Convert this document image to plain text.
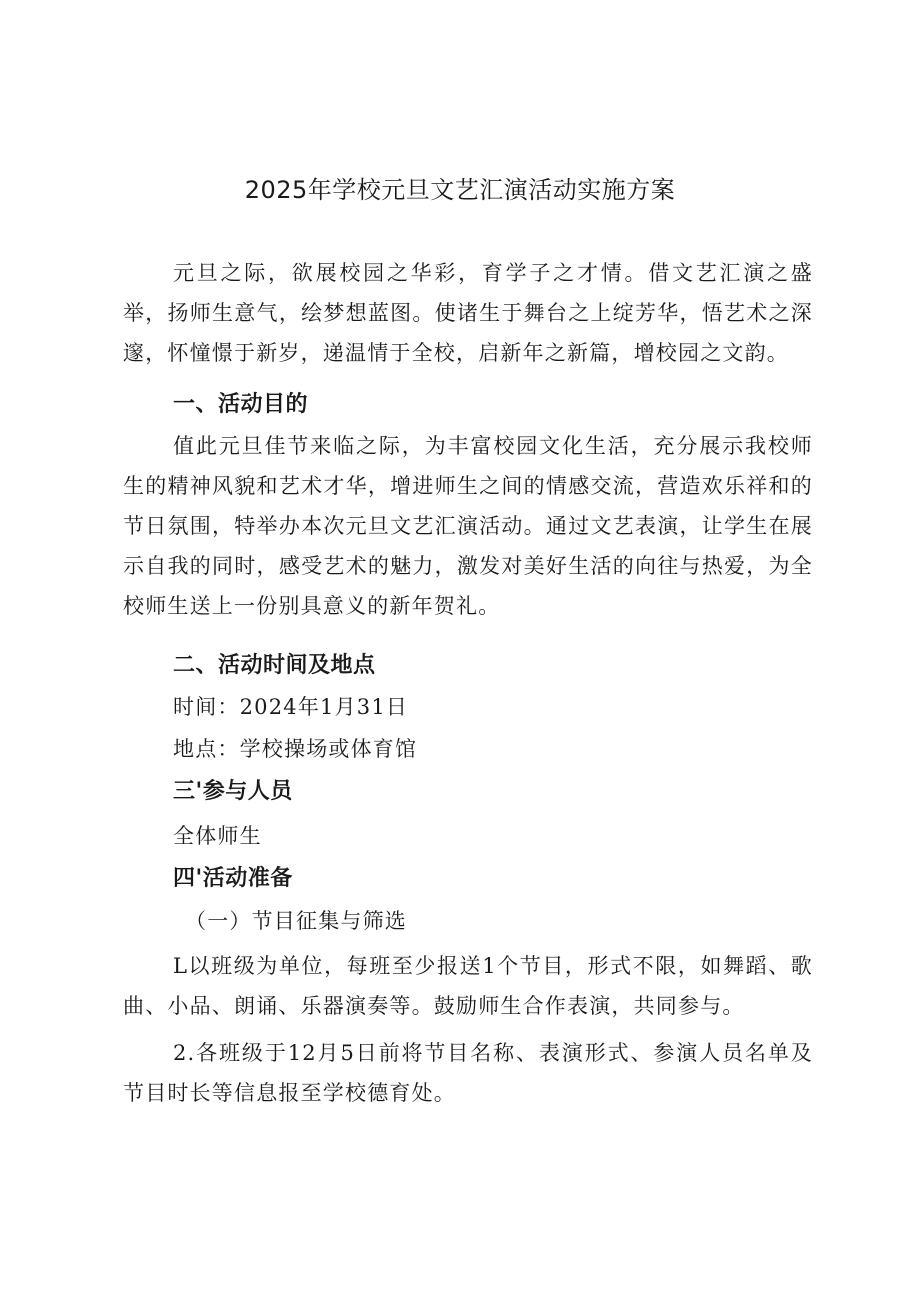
2025年学校元旦文艺汇演活动实施方案

元旦之际，欲展校园之华彩，育学子之才情。借文艺汇演之盛举，扬师生意气，绘梦想蓝图。使诸生于舞台之上绽芳华，悟艺术之深邃，怀憧憬于新岁，递温情于全校，启新年之新篇，增校园之文韵。

一、活动目的

值此元旦佳节来临之际，为丰富校园文化生活，充分展示我校师生的精神风貌和艺术才华，增进师生之间的情感交流，营造欢乐祥和的节日氛围，特举办本次元旦文艺汇演活动。通过文艺表演，让学生在展示自我的同时，感受艺术的魅力，激发对美好生活的向往与热爱，为全校师生送上一份别具意义的新年贺礼。

二、活动时间及地点
时间：2024年1月31日
地点：学校操场或体育馆
三'参与人员
全体师生
四'活动准备
（一）节目征集与筛选

L以班级为单位，每班至少报送1个节目，形式不限，如舞蹈、歌曲、小品、朗诵、乐器演奏等。鼓励师生合作表演，共同参与。

2.各班级于12月5日前将节目名称、表演形式、参演人员名单及节目时长等信息报至学校德育处。
